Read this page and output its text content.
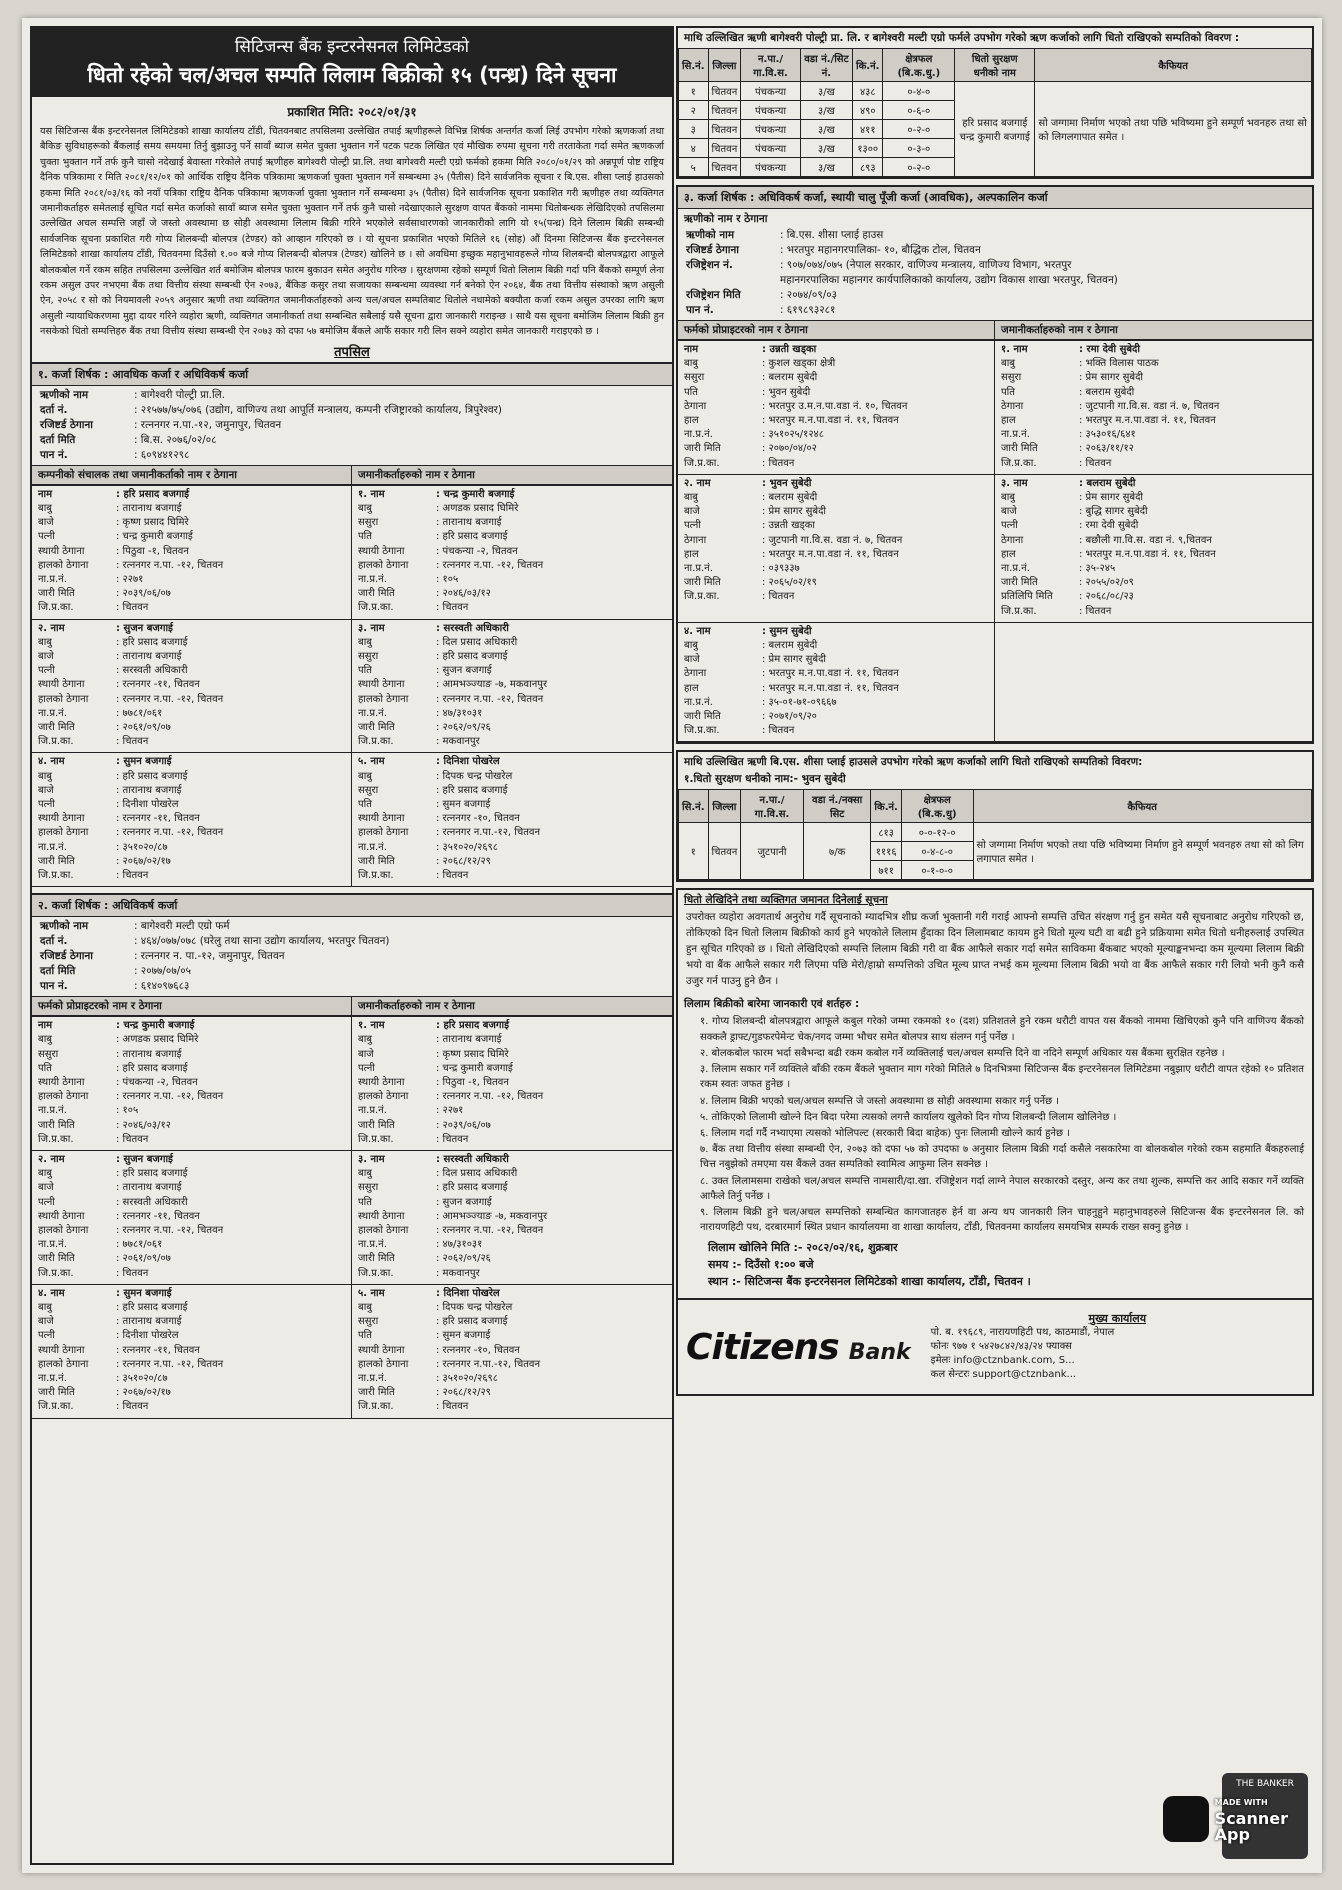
सिटिजन्स बैंक इन्टरनेसनल लिमिटेडको
धितो रहेको चल/अचल सम्पति लिलाम बिक्रीको १५ (पन्ध्र) दिने सूचना
प्रकाशित मिति: २०८२/०१/३१

यस सिटिजन्स बैंक इन्टरनेसनल लिमिटेडको शाखा कार्यालय टाँडी, चितवनबाट तपसिलमा उल्लेखित तपाई ऋणीहरूले विभिन्न शिर्षक अन्तर्गत कर्जा लिई उपभोग गरेको ऋणकर्जा तथा बैकिङ सुविधाहरूको बैंकलाई समय समयमा तिर्नु बुझाउनु पर्ने सावाँ ब्याज समेत चुक्ता भुक्तान गर्ने पटक पटक लिखित एवं मौखिक रुपमा सूचना गरी तरताकेता गर्दा समेत ऋणकर्जा चुक्ता भुक्तान गर्ने तर्फ कुनै चासो नदेखाई बेवास्ता गरेकोले तपाई ऋणीहरु बागेश्वरी पोल्ट्री प्रा.लि. तथा बागेश्वरी मल्टी एग्रो फर्मको हकमा मिति २०८०/०१/२९ को अन्नपूर्ण पोष्ट राष्ट्रिय दैनिक पत्रिकामा र मिति २०८१/१२/०१ को आर्थिक राष्ट्रिय दैनिक पत्रिकामा ऋणकर्जा चुक्ता भुक्तान गर्ने सम्बन्धमा ३५ (पैतीस) दिने सार्वजनिक सूचना र बि.एस. शीसा प्लाई हाउसको हकमा मिति २०८१/०३/१६ को नयाँ पत्रिका राष्ट्रिय दैनिक पत्रिकामा ऋणकर्जा चुक्ता भुक्तान गर्ने सम्बन्धमा ३५ (पैतीस) दिने सार्वजनिक सूचना प्रकाशित गरी ऋणीहरु तथा व्यक्तिगत जमानीकर्ताहरु समेतलाई सूचित गर्दा समेत कर्जाको सावाँ ब्याज समेत चुक्ता भुक्तान गर्ने तर्फ कुनै चासो नदेखाएकाले सुरक्षण वापत बैंकको नाममा धितोबन्धक लेखिदिएको तपसिलमा उल्लेखित अचल सम्पत्ति जहाँ जे जस्तो अवस्थामा छ सोही अवस्थामा लिलाम बिक्री गरिने भएकोले सर्वसाधारणको जानकारीको लागि यो १५(पन्ध्र) दिने लिलाम बिक्री सम्बन्धी सार्वजनिक सूचना प्रकाशित गरी गोप्य शिलबन्दी बोलपत्र (टेण्डर) को आव्हान गरिएको छ । यो सूचना प्रकाशित भएको मितिले १६ (सोह) औं दिनमा सिटिजन्स बैंक इन्टरनेसनल लिमिटेडको शाखा कार्यालय टाँडी, चितवनमा दिउँसो १.०० बजे गोप्य शिलबन्दी बोलपत्र (टेण्डर) खोलिने छ । सो अवधिमा इच्छुक महानुभावहरूले गोप्य शिलबन्दी बोलपत्रद्वारा आफूले बोलकबोल गर्ने रकम सहित तपसिलमा उल्लेखित शर्त बमोजिम बोलपत्र फारम बुकाउन समेत अनुरोध गरिन्छ । सुरक्षणमा रहेको सम्पूर्ण धितो लिलाम बिक्री गर्दा पनि बैंकको सम्पूर्ण लेना रकम असुल उपर नभएमा बैंक तथा वित्तीय संस्था सम्बन्धी ऐन २०७३, बैंकिङ कसुर तथा सजायका सम्बन्धमा व्यवस्था गर्न बनेको ऐन २०६४, बैंक तथा वित्तीय संस्थाको ऋण असुली ऐन, २०५८ र सो को नियमावली २०५९ अनुसार ऋणी तथा व्यक्तिगत जमानीकर्ताहरुको अन्य चल/अचल सम्पतिबाट धितोले नधामेको बक्यौता कर्जा रकम असुल उपरका लागि ऋण असुली न्यायाधिकरणमा मुद्दा दायर गरिने व्यहोरा ऋणी, व्यक्तिगत जमानीकर्ता तथा सम्बन्धित सबैलाई यसै सूचना द्वारा जानकारी गराइन्छ । साथै यस सूचना बमोजिम लिलाम बिक्री हुन नसकेको धितो सम्पत्तिहरु बैंक तथा वित्तीय संस्था सम्बन्धी ऐन २०७३ को दफा ५७ बमोजिम बैंकले आफैं सकार गरी लिन सक्ने व्यहोरा समेत जानकारी गराइएको छ ।

तपसिल
१. कर्जा शिर्षक : आवधिक कर्जा र अधिविकर्ष कर्जा
ऋणीको नाम	: बागेश्वरी पोल्ट्री प्रा.लि.
दर्ता नं.	: २१५७७/७५/०७६ (उद्योग, वाणिज्य तथा आपूर्ति मन्त्रालय, कम्पनी रजिष्ट्रारको कार्यालय, त्रिपुरेश्वर)
रजिष्टर्ड ठेगाना	: रत्ननगर न.पा.-१२, जमुनापुर, चितवन
दर्ता मिति	: बि.स. २०७६/०२/०८
पान नं.	: ६०९४४१२९८
कम्पनीको संचालक तथा जमानीकर्ताको नाम र ठेगाना	जमानीकर्ताहरुको नाम र ठेगाना
नाम	: हरि प्रसाद बजगाई
बाबु	: तारानाथ बजगाई
बाजे	: कृष्ण प्रसाद घिमिरे
पत्नी	: चन्द्र कुमारी बजगाई
स्थायी ठेगाना	: पिठुवा -१, चितवन
हालको ठेगाना	: रत्ननगर न.पा. -१२, चितवन
ना.प्र.नं.	: २२७१
जारी मिति	: २०३९/०६/०७
जि.प्र.का.	: चितवन
१. नाम	: चन्द्र कुमारी बजगाई
बाबु	: अणडक प्रसाद घिमिरे
ससुरा	: तारानाथ बजगाई
पति	: हरि प्रसाद बजगाई
स्थायी ठेगाना	: पंचकन्या -२, चितवन
हालको ठेगाना	: रत्ननगर न.पा. -१२, चितवन
ना.प्र.नं.	: १०५
जारी मिति	: २०४६/०३/१२
जि.प्र.का.	: चितवन
२. नाम	: सुजन बजगाई
बाबु	: हरि प्रसाद बजगाई
बाजे	: तारानाथ बजगाई
पत्नी	: सरस्वती अधिकारी
स्थायी ठेगाना	: रत्ननगर -११, चितवन
हालको ठेगाना	: रत्ननगर न.पा. -१२, चितवन
ना.प्र.नं.	: ७७८१/०६१
जारी मिति	: २०६१/०९/०७
जि.प्र.का.	: चितवन
३. नाम	: सरस्वती अधिकारी
बाबु	: दिल प्रसाद अधिकारी
ससुरा	: हरि प्रसाद बजगाई
पति	: सुजन बजगाई
स्थायी ठेगाना	: आमभञ्ज्याङ -७, मकवानपुर
हालको ठेगाना	: रत्ननगर न.पा. -१२, चितवन
ना.प्र.नं.	: ४७/३१०३१
जारी मिति	: २०६२/०९/२६
जि.प्र.का.	: मकवानपुर
४. नाम	: सुमन बजगाई
बाबु	: हरि प्रसाद बजगाई
बाजे	: तारानाथ बजगाई
पत्नी	: दिनीशा पोखरेल
स्थायी ठेगाना	: रत्ननगर -११, चितवन
हालको ठेगाना	: रत्ननगर न.पा. -१२, चितवन
ना.प्र.नं.	: ३५१०२०/८७
जारी मिति	: २०६७/०२/१७
जि.प्र.का.	: चितवन
५. नाम	: दिनिशा पोखरेल
बाबु	: दिपक चन्द्र पोखरेल
ससुरा	: हरि प्रसाद बजगाई
पति	: सुमन बजगाई
स्थायी ठेगाना	: रत्ननगर -१०, चितवन
हालको ठेगाना	: रत्ननगर न.पा.-१२, चितवन
ना.प्र.नं.	: ३५१०२०/२६९८
जारी मिति	: २०६८/१२/२९
जि.प्र.का.	: चितवन
२. कर्जा शिर्षक : अधिविकर्ष कर्जा
ऋणीको नाम	: बागेश्वरी मल्टी एग्रो फर्म
दर्ता नं.	: ४६४/०७७/०७८ (घरेलु तथा साना उद्योग कार्यालय, भरतपुर चितवन)
रजिष्टर्ड ठेगाना	: रत्ननगर न. पा.-१२, जमुनापुर, चितवन
दर्ता मिति	: २०७७/०७/०५
पान नं.	: ६१४०९७६८३
फर्मको प्रोप्राइटरको नाम र ठेगाना	जमानीकर्ताहरुको नाम र ठेगाना
नाम	: चन्द्र कुमारी बजगाई
बाबु	: अणडक प्रसाद घिमिरे
ससुरा	: तारानाथ बजगाई
पति	: हरि प्रसाद बजगाई
स्थायी ठेगाना	: पंचकन्या -२, चितवन
हालको ठेगाना	: रत्ननगर न.पा. -१२, चितवन
ना.प्र.नं.	: १०५
जारी मिति	: २०४६/०३/१२
जि.प्र.का.	: चितवन
१. नाम	: हरि प्रसाद बजगाई
बाबु	: तारानाथ बजगाई
बाजे	: कृष्ण प्रसाद घिमिरे
पत्नी	: चन्द्र कुमारी बजगाई
स्थायी ठेगाना	: पिठुवा -१, चितवन
हालको ठेगाना	: रत्ननगर न.पा. -१२, चितवन
ना.प्र.नं.	: २२७१
जारी मिति	: २०३९/०६/०७
जि.प्र.का.	: चितवन
२. नाम	: सुजन बजगाई
बाबु	: हरि प्रसाद बजगाई
बाजे	: तारानाथ बजगाई
पत्नी	: सरस्वती अधिकारी
स्थायी ठेगाना	: रत्ननगर -११, चितवन
हालको ठेगाना	: रत्ननगर न.पा. -१२, चितवन
ना.प्र.नं.	: ७७८१/०६१
जारी मिति	: २०६१/०९/०७
जि.प्र.का.	: चितवन
३. नाम	: सरस्वती अधिकारी
बाबु	: दिल प्रसाद अधिकारी
ससुरा	: हरि प्रसाद बजगाई
पति	: सुजन बजगाई
स्थायी ठेगाना	: आमभञ्ज्याङ -७, मकवानपुर
हालको ठेगाना	: रत्ननगर न.पा. -१२, चितवन
ना.प्र.नं.	: ४७/३१०३१
जारी मिति	: २०६२/०९/२६
जि.प्र.का.	: मकवानपुर
४. नाम	: सुमन बजगाई
बाबु	: हरि प्रसाद बजगाई
बाजे	: तारानाथ बजगाई
पत्नी	: दिनीशा पोखरेल
स्थायी ठेगाना	: रत्ननगर -११, चितवन
हालको ठेगाना	: रत्ननगर न.पा. -१२, चितवन
ना.प्र.नं.	: ३५१०२०/८७
जारी मिति	: २०६७/०२/१७
जि.प्र.का.	: चितवन
५. नाम	: दिनिशा पोखरेल
बाबु	: दिपक चन्द्र पोखरेल
ससुरा	: हरि प्रसाद बजगाई
पति	: सुमन बजगाई
स्थायी ठेगाना	: रत्ननगर -१०, चितवन
हालको ठेगाना	: रत्ननगर न.पा.-१२, चितवन
ना.प्र.नं.	: ३५१०२०/२६९८
जारी मिति	: २०६८/१२/२९
जि.प्र.का.	: चितवन
माथि उल्लिखित ऋणी बागेश्वरी पोल्ट्री प्रा. लि. र बागेश्वरी मल्टी एग्रो फर्मले उपभोग गरेको ऋण कर्जाको लागि धितो राखिएको सम्पतिको विवरण :
सि.नं.	जिल्ला	न.पा./गा.वि.स.	वडा नं./सिट नं.	कि.नं.	क्षेत्रफल (बि.क.धु.)	धितो सुरक्षण धनीको नाम	कैफियत
१	चितवन	पंचकन्या	३/ख	४३८	०-४-०	हरि प्रसाद बजगाई
चन्द्र कुमारी बजगाई	सो जग्गामा निर्माण भएको तथा पछि भविष्यमा हुने सम्पूर्ण भवनहरु तथा सो को लिगलगापात समेत ।
२	चितवन	पंचकन्या	३/ख	४९०	०-६-०		
३	चितवन	पंचकन्या	३/ख	४११	०-२-०		
४	चितवन	पंचकन्या	३/ख	१३००	०-३-०		
५	चितवन	पंचकन्या	३/ख	८९३	०-२-०		
३. कर्जा शिर्षक : अधिविकर्ष कर्जा, स्थायी चालु पूँजी कर्जा (आवधिक), अल्पकालिन कर्जा
ऋणीको नाम र ठेगाना
ऋणीको नाम	: बि.एस. शीसा प्लाई हाउस
रजिष्टर्ड ठेगाना	: भरतपुर महानगरपालिका- १०, बौद्धिक टोल, चितवन
रजिष्ट्रेशन नं.	: ९०७/०७४/०७५ (नेपाल सरकार, वाणिज्य मन्त्रालय, वाणिज्य विभाग, भरतपुर
महानगरपालिका महानगर कार्यपालिकाको कार्यालय, उद्योग विकास शाखा भरतपुर, चितवन)
रजिष्ट्रेशन मिति	: २०७४/०९/०३
पान नं.	: ६१९८९३२८१
फर्मको प्रोप्राइटरको नाम र ठेगाना	जमानीकर्ताहरुको नाम र ठेगाना
नाम	: उन्नती खड्का
बाबु	: कुशल खड्का क्षेत्री
ससुरा	: बलराम सुबेदी
पति	: भुवन सुबेदी
ठेगाना	: भरतपुर उ.म.न.पा.वडा नं. १०, चितवन
हाल	: भरतपुर म.न.पा.वडा नं. ११, चितवन
ना.प्र.नं.	: ३५१०२५/१२४८
जारी मिति	: २०७०/०४/०२
जि.प्र.का.	: चितवन
१. नाम	: रमा देवी सुबेदी
बाबु	: भक्ति विलास पाठक
ससुरा	: प्रेम सागर सुबेदी
पति	: बलराम सुबेदी
ठेगाना	: जुटपानी गा.वि.स. वडा नं. ७, चितवन
हाल	: भरतपुर म.न.पा.वडा नं. ११, चितवन
ना.प्र.नं.	: ३५३०१६/६४१
जारी मिति	: २०६३/११/१२
जि.प्र.का.	: चितवन
२. नाम	: भुवन सुबेदी
बाबु	: बलराम सुबेदी
बाजे	: प्रेम सागर सुबेदी
पत्नी	: उन्नती खड्का
ठेगाना	: जुटपानी गा.वि.स. वडा नं. ७, चितवन
हाल	: भरतपुर म.न.पा.वडा नं. ११, चितवन
ना.प्र.नं.	: ०३९३३७
जारी मिति	: २०६५/०२/१९
जि.प्र.का.	: चितवन
३. नाम	: बलराम सुबेदी
बाबु	: प्रेम सागर सुबेदी
बाजे	: बुद्धि सागर सुबेदी
पत्नी	: रमा देवी सुबेदी
ठेगाना	: बछौली गा.वि.स. वडा नं. ९,चितवन
हाल	: भरतपुर म.न.पा.वडा नं. ११, चितवन
ना.प्र.नं.	: ३५-२४५
जारी मिति	: २०५५/०२/०९
प्रतिलिपि मिति	: २०६८/०८/२३
जि.प्र.का.	: चितवन
४. नाम	: सुमन सुबेदी
बाबु	: बलराम सुबेदी
बाजे	: प्रेम सागर सुबेदी
ठेगाना	: भरतपुर म.न.पा.वडा नं. ११, चितवन
हाल	: भरतपुर म.न.पा.वडा नं. ११, चितवन
ना.प्र.नं.	: ३५-०१-७१-०९६६७
जारी मिति	: २०७१/०९/२०
जि.प्र.का.	: चितवन
माथि उल्लिखित ऋणी बि.एस. शीसा प्लाई हाउसले उपभोग गरेको ऋण कर्जाको लागि धितो राखिएको सम्पतिको विवरण:
१.धितो सुरक्षण धनीको नाम:- भुवन सुबेदी
सि.नं.	जिल्ला	न.पा./गा.वि.स.	वडा नं./नक्सा सिट	कि.नं.	क्षेत्रफल (बि.क.धु)	कैफियत
१	चितवन	जुटपानी	७/क	८१३	०-०-१२-०	सो जग्गामा निर्माण भएको तथा पछि भविष्यमा निर्माण हुने सम्पूर्ण भवनहरु तथा सो को लिग लगापात समेत ।
				१११६	०-४-८-०	
				७११	०-१-०-०	
धितो लेखिदिने तथा व्यक्तिगत जमानत दिनेलाई सूचना

उपरोक्त व्यहोरा अवगतार्थ अनुरोध गर्दै सूचनाको म्यादभित्र शीघ्र कर्जा भुक्तानी गरी गराई आफ्नो सम्पत्ति उचित संरक्षण गर्नु हुन समेत यसै सूचनाबाट अनुरोध गरिएको छ, तोकिएको दिन धितो लिलाम बिक्रीको कार्य हुने भएकोले लिलाम हुँदाका दिन लिलामबाट कायम हुने धितो मूल्य घटी वा बढी हुने प्रक्रियामा समेत धितो धनीहरुलाई उपस्थित हुन सूचित गरिएको छ । धितो लेखिदिएको सम्पत्ति लिलाम बिक्री गरी वा बैंक आफैले सकार गर्दा समेत साविकमा बैंकबाट भएको मूल्याङ्कनभन्दा कम मूल्यमा लिलाम बिक्री भयो वा बैंक आफैले सकार गरी लिएमा पछि मेरो/हाम्रो सम्पत्तिको उचित मूल्य प्राप्त नभई कम मूल्यमा लिलाम बिक्री भयो वा बैंक आफैले सकार गरी लियो भनी कुनै कसै उजुर गर्न पाउनु हुने छैन ।

लिलाम बिक्रीको बारेमा जानकारी एवं शर्तहरु :
१. गोप्य शिलबन्दी बोलपत्रद्वारा आफूले कबुल गरेको जम्मा रकमको १० (दश) प्रतिशतले हुने रकम धरौटी वापत यस बैंकको नाममा खिचिएको कुनै पनि वाणिज्य बैंकको सक्कलै ड्राफ्ट/गुडफरपेमेन्ट चेक/नगद जम्मा भौचर समेत बोलपत्र साथ संलग्न गर्नु पर्नेछ ।
२. बोलकबोल फारम भर्दा सबैभन्दा बढी रकम कबोल गर्ने व्यक्तिलाई चल/अचल सम्पत्ति दिने वा नदिने सम्पूर्ण अधिकार यस बैंकमा सुरक्षित रहनेछ ।
३. लिलाम सकार गर्ने व्यक्तिले बाँकी रकम बैंकले भुक्तान माग गरेको मितिले ७ दिनभित्रमा सिटिजन्स बैंक इन्टरनेसनल लिमिटेडमा नबुझाए धरौटी वापत रहेको १० प्रतिशत रकम स्वतः जफत हुनेछ ।
४. लिलाम बिक्री भएको चल/अचल सम्पत्ति जे जस्तो अवस्थामा छ सोही अवस्थामा सकार गर्नु पर्नेछ ।
५. तोकिएको लिलामी खोल्ने दिन बिदा परेमा त्यसको लगत्तै कार्यालय खुलेको दिन गोप्य शिलबन्दी लिलाम खोलिनेछ ।
६. लिलाम गर्दा गर्दै नभ्याएमा त्यसको भोलिपल्ट (सरकारी बिदा बाहेक) पुनः लिलामी खोल्ने कार्य हुनेछ ।
७. बैंक तथा वित्तीय संस्था सम्बन्धी ऐन, २०७३ को दफा ५७ को उपदफा ७ अनुसार लिलाम बिक्री गर्दा कसैले नसकारेमा वा बोलकबोल गरेको रकम सहमाति बैंकहरुलाई चित्त नबुझेको तमएमा यस बैंकले उक्त सम्पतिको स्वामित्व आफुमा लिन सक्नेछ ।
८. उक्त लिलामसमा राखेको चल/अचल सम्पत्ति नामसारी/दा.खा. रजिष्ट्रेशन गर्दा लाग्ने नेपाल सरकारको दस्तुर, अन्य कर तथा शुल्क, सम्पत्ति कर आदि सकार गर्ने व्यक्ति आफैले तिर्नु पर्नेछ ।
९. लिलाम बिक्री हुने चल/अचल सम्पत्तिको सम्बन्धित कागजातहरु हेर्न वा अन्य थप जानकारी लिन चाहनुहुने महानुभावहरुले सिटिजन्स बैंक इन्टरनेसनल लि. को नारायणहिटी पथ, दरबारमार्ग स्थित प्रधान कार्यालयमा वा शाखा कार्यालय, टाँडी, चितवनमा कार्यालय समयभित्र सम्पर्क राख्न सक्नु हुनेछ ।
लिलाम खोलिने मिति :- २०८२/०२/१६, शुक्रबार
समय :- दिउँसो १:०० बजे
स्थान :- सिटिजन्स बैंक इन्टरनेसनल लिमिटेडको शाखा कार्यालय, टाँडी, चितवन ।
Citizens Bank
मुख्य कार्यालय
पो. ब. १९६८९, नारायणहिटी पथ, काठमाडौं, नेपाल
फोनः ९७७ १ ५४२७८४२/४३/२४ फ्याक्स
इमेलः info@ctznbank.com, S...
कल सेन्टरः support@ctznbank...
THE BANKER
MADE WITH
Scanner
App
